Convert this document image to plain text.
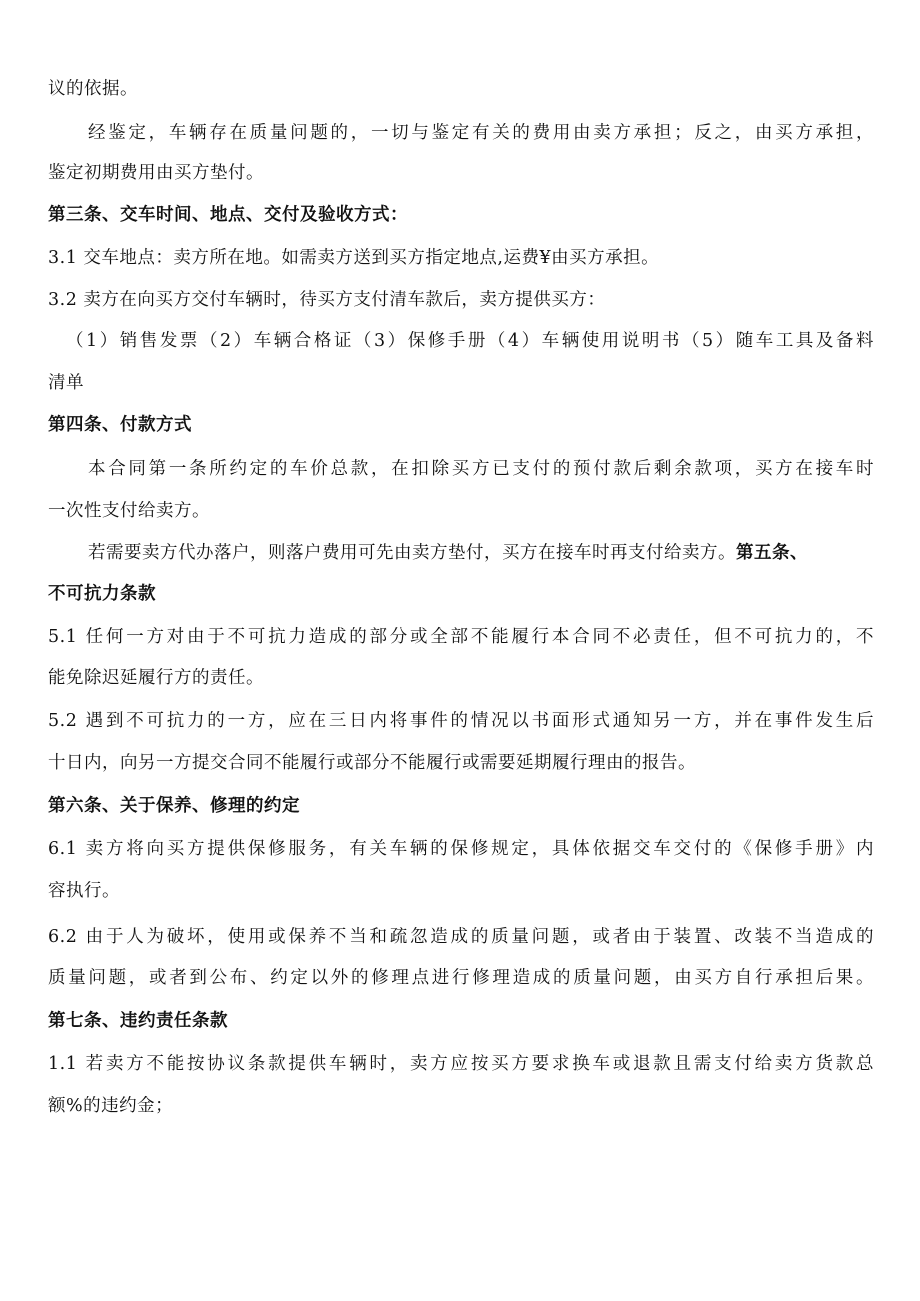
议的依据。
经鉴定，车辆存在质量问题的，一切与鉴定有关的费用由卖方承担；反之，由买方承担，
鉴定初期费用由买方垫付。
第三条、交车时间、地点、交付及验收方式：
3.1 交车地点：卖方所在地。如需卖方送到买方指定地点,运费¥由买方承担。
3.2 卖方在向买方交付车辆时，待买方支付清车款后，卖方提供买方：
（1）销售发票（2）车辆合格证（3）保修手册（4）车辆使用说明书（5）随车工具及备料
清单
第四条、付款方式
本合同第一条所约定的车价总款，在扣除买方已支付的预付款后剩余款项，买方在接车时
一次性支付给卖方。
若需要卖方代办落户，则落户费用可先由卖方垫付，买方在接车时再支付给卖方。第五条、
不可抗力条款
5.1 任何一方对由于不可抗力造成的部分或全部不能履行本合同不必责任，但不可抗力的，不
能免除迟延履行方的责任。
5.2 遇到不可抗力的一方，应在三日内将事件的情况以书面形式通知另一方，并在事件发生后
十日内，向另一方提交合同不能履行或部分不能履行或需要延期履行理由的报告。
第六条、关于保养、修理的约定
6.1 卖方将向买方提供保修服务，有关车辆的保修规定，具体依据交车交付的《保修手册》内
容执行。
6.2 由于人为破坏，使用或保养不当和疏忽造成的质量问题，或者由于装置、改装不当造成的
质量问题，或者到公布、约定以外的修理点进行修理造成的质量问题，由买方自行承担后果。
第七条、违约责任条款
1.1 若卖方不能按协议条款提供车辆时，卖方应按买方要求换车或退款且需支付给卖方货款总
额%的违约金；
